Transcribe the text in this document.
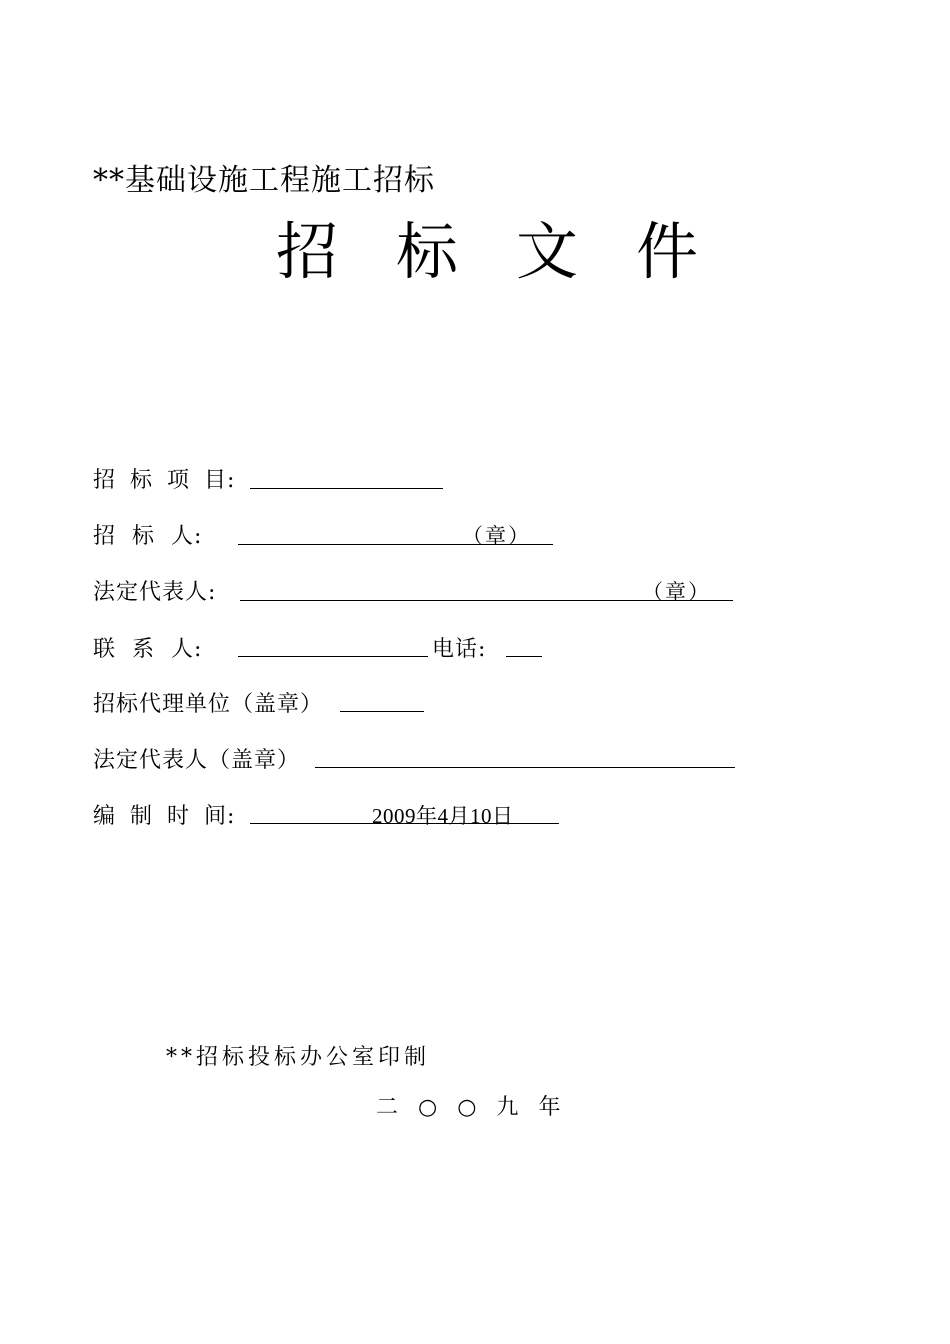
**基础设施工程施工招标
招 标 文 件
招 标 项 目:
招 标 人:	（章）
法定代表人:	（章）
联 系 人:	电话:
招标代理单位（盖章）
法定代表人（盖章）
编 制 时 间:	2009年4月10日
**招标投标办公室印制
二 ○ ○ 九 年
